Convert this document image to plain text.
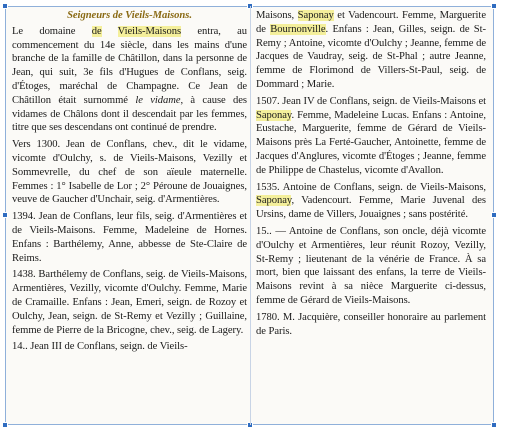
Seigneurs de Vieils-Maisons.

Le domaine de Vieils-Maisons entra, au commencement du 14e siècle, dans les mains d'une branche de la famille de Châtillon, dans la personne de Jean, qui suit, 3e fils d'Hugues de Conflans, seig. d'Étoges, maréchal de Champagne. Ce Jean de Châtillon était surnommé le vidame, à cause des vidames de Châlons dont il descendait par les femmes, titre que ses descendans ont continué de prendre.

Vers 1300. Jean de Conflans, chev., dit le vidame, vicomte d'Oulchy, s. de Vieils-Maisons, Vezilly et Sommevrelle, du chef de son aïeule maternelle. Femmes : 1° Isabelle de Lor ; 2° Péroune de Jouaignes, veuve de Gaucher d'Unchair, seig. d'Armentières.

1394. Jean de Conflans, leur fils, seig. d'Armentières et de Vieils-Maisons. Femme, Madeleine de Hornes. Enfans : Barthélemy, Anne, abbesse de Ste-Claire de Reims.

1438. Barthélemy de Conflans, seig. de Vieils-Maisons, Armentières, Vezilly, vicomte d'Oulchy. Femme, Marie de Cramaille. Enfans : Jean, Emeri, seign. de Rozoy et Oulchy, Jean, seign. de St-Remy et Vezilly ; Guillaine, femme de Pierre de la Bricogne, chev., seig. de Lagery.

14.. Jean III de Conflans, seign. de Vieils-

Maisons, Saponay et Vadencourt. Femme, Marguerite de Bournonville. Enfans : Jean, Gilles, seign. de St-Remy ; Antoine, vicomte d'Oulchy ; Jeanne, femme de Jacques de Vaudray, seig. de St-Phal ; autre Jeanne, femme de Florimond de Villers-St-Paul, seig. de Dommard ; Marie.

1507. Jean IV de Conflans, seign. de Vieils-Maisons et Saponay. Femme, Madeleine Lucas. Enfans : Antoine, Eustache, Marguerite, femme de Gérard de Vieils-Maisons près La Ferté-Gaucher, Antoinette, femme de Jacques d'Anglures, vicomte d'Étoges ; Jeanne, femme de Philippe de Chastelus, vicomte d'Avallon.

1535. Antoine de Conflans, seign. de Vieils-Maisons, Saponay, Vadencourt. Femme, Marie Juvenal des Ursins, dame de Villers, Jouaignes ; sans postérité.

15.. — Antoine de Conflans, son oncle, déjà vicomte d'Oulchy et Armentières, leur réunit Rozoy, Vezilly, St-Remy ; lieutenant de la vénérie de France. À sa mort, bien que laissant des enfans, la terre de Vieils-Maisons revint à sa nièce Marguerite ci-dessus, femme de Gérard de Vieils-Maisons.

1780. M. Jacquière, conseiller honoraire au parlement de Paris.
